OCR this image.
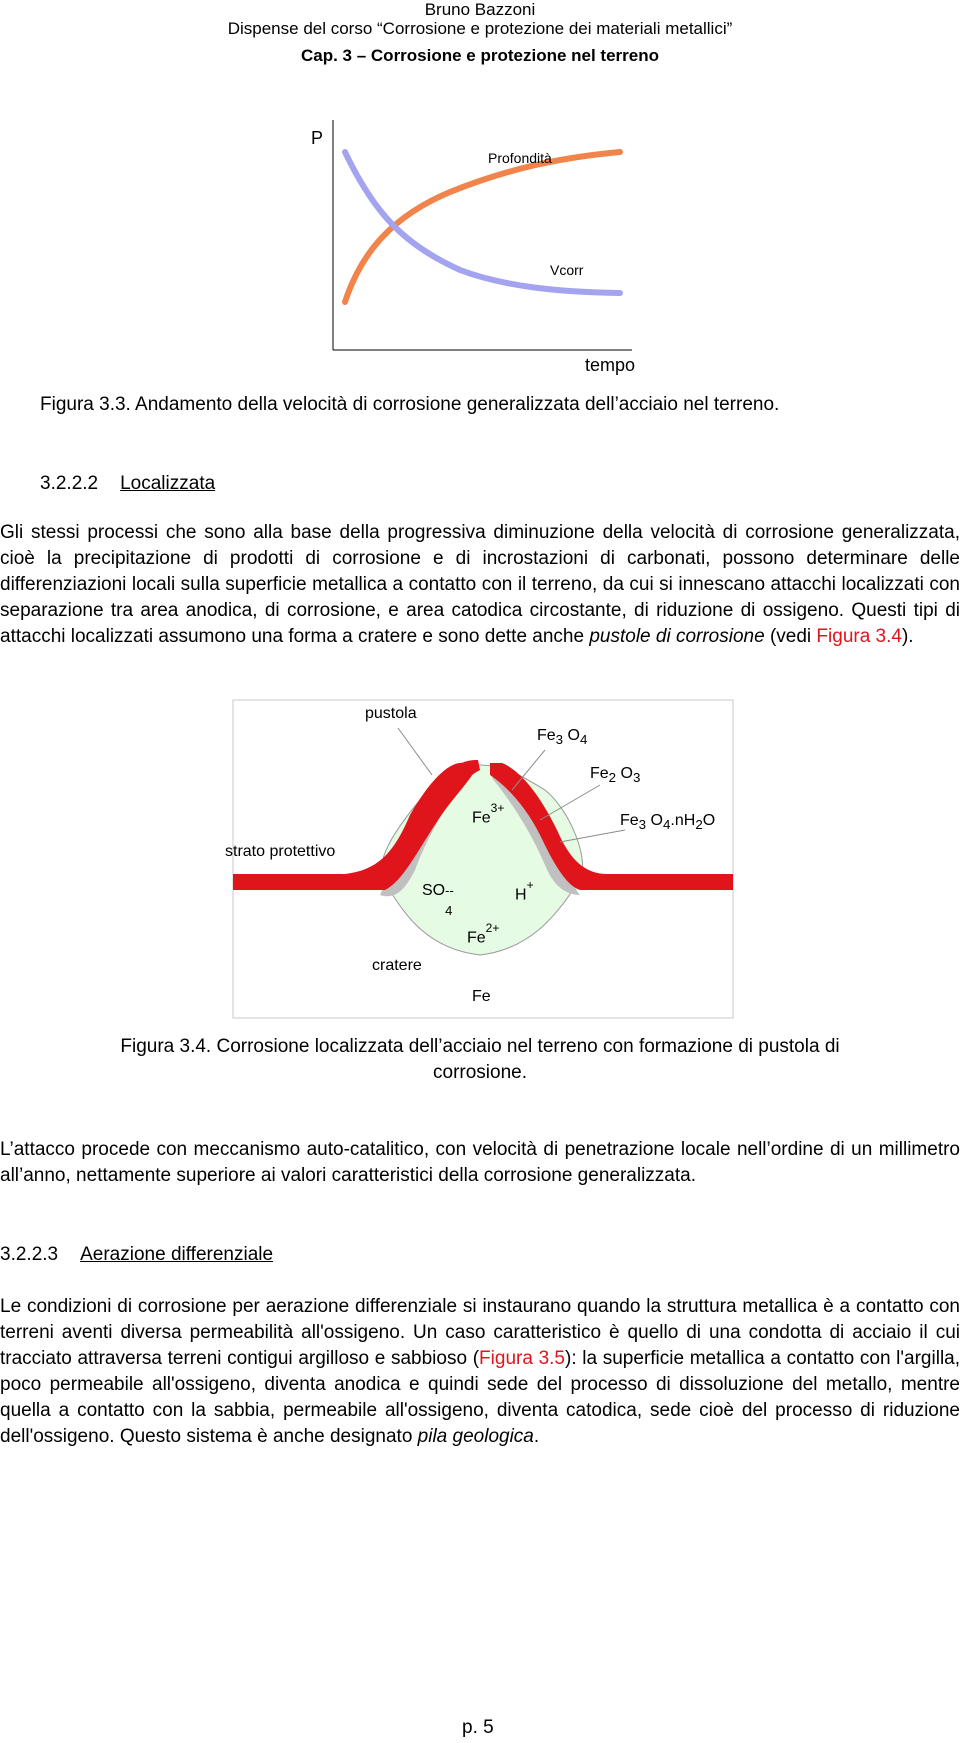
Bruno Bazzoni
Dispense del corso “Corrosione e protezione dei materiali metallici”
Cap. 3 – Corrosione e protezione nel terreno
P
Profondità
Vcorr
tempo
Figura 3.3. Andamento della velocità di corrosione generalizzata dell’acciaio nel terreno.
3.2.2.2 Localizzata

Gli stessi processi che sono alla base della progressiva diminuzione della velocità di corrosione generalizzata, cioè la precipitazione di prodotti di corrosione e di incrostazioni di carbonati, possono determinare delle differenziazioni locali sulla superficie metallica a contatto con il terreno, da cui si innescano attacchi localizzati con separazione tra area anodica, di corrosione, e area catodica circostante, di riduzione di ossigeno. Questi tipi di attacchi localizzati assumono una forma a cratere e sono dette anche pustole di corrosione (vedi Figura 3.4).

pustola
$Fe_3$ $O_4$
$Fe_2$ $O_3$
$Fe^{3+}$
$Fe_3$ $O_4.nH_2O$
strato protettivo
SO --
4
H+
$Fe^{2+}$
cratere
Fe
Figura 3.4. Corrosione localizzata dell’acciaio nel terreno con formazione di pustola di
corrosione.

L’attacco procede con meccanismo auto-catalitico, con velocità di penetrazione locale nell’ordine di un millimetro all’anno, nettamente superiore ai valori caratteristici della corrosione generalizzata.

3.2.2.3 Aerazione differenziale

Le condizioni di corrosione per aerazione differenziale si instaurano quando la struttura metallica è a contatto con terreni aventi diversa permeabilità all'ossigeno. Un caso caratteristico è quello di una condotta di acciaio il cui tracciato attraversa terreni contigui argilloso e sabbioso (Figura 3.5): la superficie metallica a contatto con l'argilla, poco permeabile all'ossigeno, diventa anodica e quindi sede del processo di dissoluzione del metallo, mentre quella a contatto con la sabbia, permeabile all'ossigeno, diventa catodica, sede cioè del processo di riduzione dell'ossigeno. Questo sistema è anche designato pila geologica.

p. 5
